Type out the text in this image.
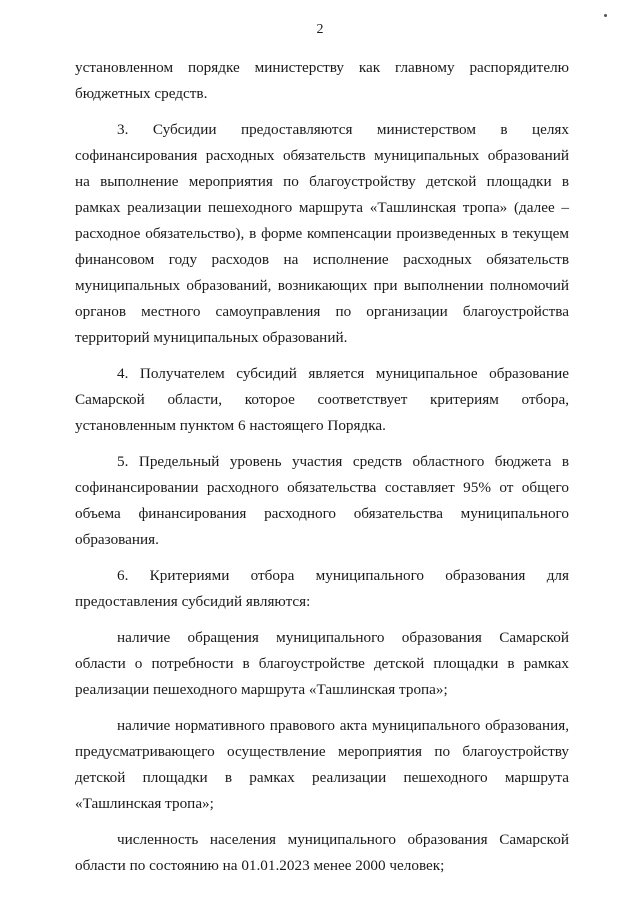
2

установленном порядке министерству как главному распорядителю
бюджетных средств.

3. Субсидии предоставляются министерством в целях
софинансирования расходных обязательств муниципальных образований
на выполнение мероприятия по благоустройству детской площадки в
рамках реализации пешеходного маршрута «Ташлинская тропа» (далее –
расходное обязательство), в форме компенсации произведенных в текущем
финансовом году расходов на исполнение расходных обязательств
муниципальных образований, возникающих при выполнении полномочий
органов местного самоуправления по организации благоустройства
территорий муниципальных образований.

4. Получателем субсидий является муниципальное образование
Самарской области, которое соответствует критериям отбора,
установленным пунктом 6 настоящего Порядка.

5. Предельный уровень участия средств областного бюджета в
софинансировании расходного обязательства составляет 95% от общего
объема финансирования расходного обязательства муниципального
образования.

6. Критериями отбора муниципального образования для
предоставления субсидий являются:

наличие обращения муниципального образования Самарской
области о потребности в благоустройстве детской площадки в рамках
реализации пешеходного маршрута «Ташлинская тропа»;

наличие нормативного правового акта муниципального образования,
предусматривающего осуществление мероприятия по благоустройству
детской площадки в рамках реализации пешеходного маршрута
«Ташлинская тропа»;

численность населения муниципального образования Самарской
области по состоянию на 01.01.2023 менее 2000 человек;
